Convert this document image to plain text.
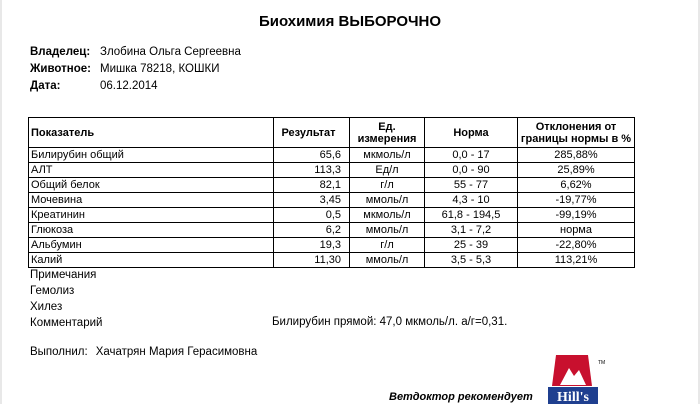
Биохимия ВЫБОРОЧНО
Владелец: Злобина Ольга Сергеевна
Животное: Мишка 78218, КОШКИ
Дата:	06.12.2014
Показатель	Результат	Ед. измерения	Норма	Отклонения от границы нормы в %
Билирубин общий	65,6	мкмоль/л	0,0 - 17	285,88%
АЛТ	113,3	Ед/л	0,0 - 90	25,89%
Общий белок	82,1	г/л	55 - 77	6,62%
Мочевина	3,45	ммоль/л	4,3 - 10	-19,77%
Креатинин	0,5	мкмоль/л	61,8 - 194,5	-99,19%
Глюкоза	6,2	ммоль/л	3,1 - 7,2	норма
Альбумин	19,3	г/л	25 - 39	-22,80%
Калий	11,30	ммоль/л	3,5 - 5,3	113,21%
Примечания
Гемолиз
Хилез
Комментарий	Билирубин прямой: 47,0 мкмоль/л. а/г=0,31.
Выполнил: Хачатрян Мария Герасимовна
Ветдоктор рекомендует Hill's
TM
